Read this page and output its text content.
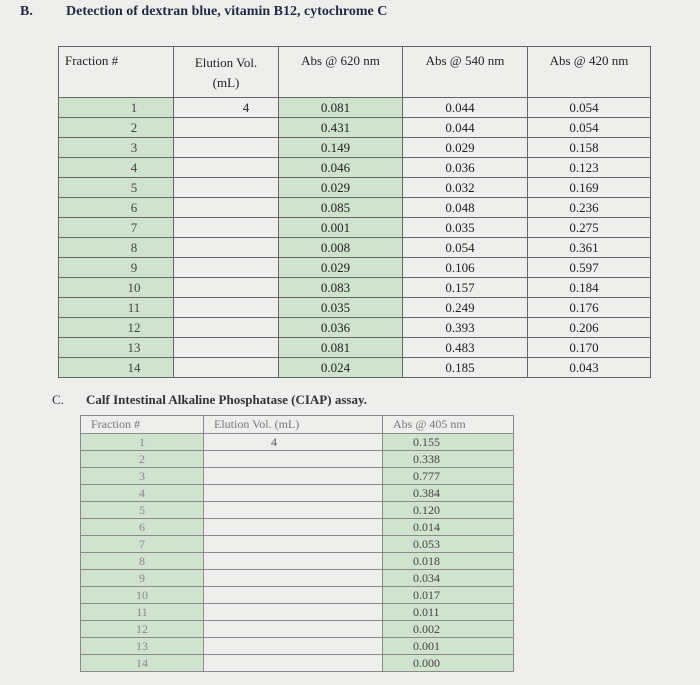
B. Detection of dextran blue, vitamin B12, cytochrome C
Fraction #	Elution Vol. (mL)	Abs @ 620 nm	Abs @ 540 nm	Abs @ 420 nm
1	4	0.081	0.044	0.054
2		0.431	0.044	0.054
3		0.149	0.029	0.158
4		0.046	0.036	0.123
5		0.029	0.032	0.169
6		0.085	0.048	0.236
7		0.001	0.035	0.275
8		0.008	0.054	0.361
9		0.029	0.106	0.597
10		0.083	0.157	0.184
11		0.035	0.249	0.176
12		0.036	0.393	0.206
13		0.081	0.483	0.170
14		0.024	0.185	0.043
C. Calf Intestinal Alkaline Phosphatase (CIAP) assay.
Fraction #	Elution Vol. (mL)	Abs @ 405 nm
1	4	0.155
2		0.338
3		0.777
4		0.384
5		0.120
6		0.014
7		0.053
8		0.018
9		0.034
10		0.017
11		0.011
12		0.002
13		0.001
14		0.000
